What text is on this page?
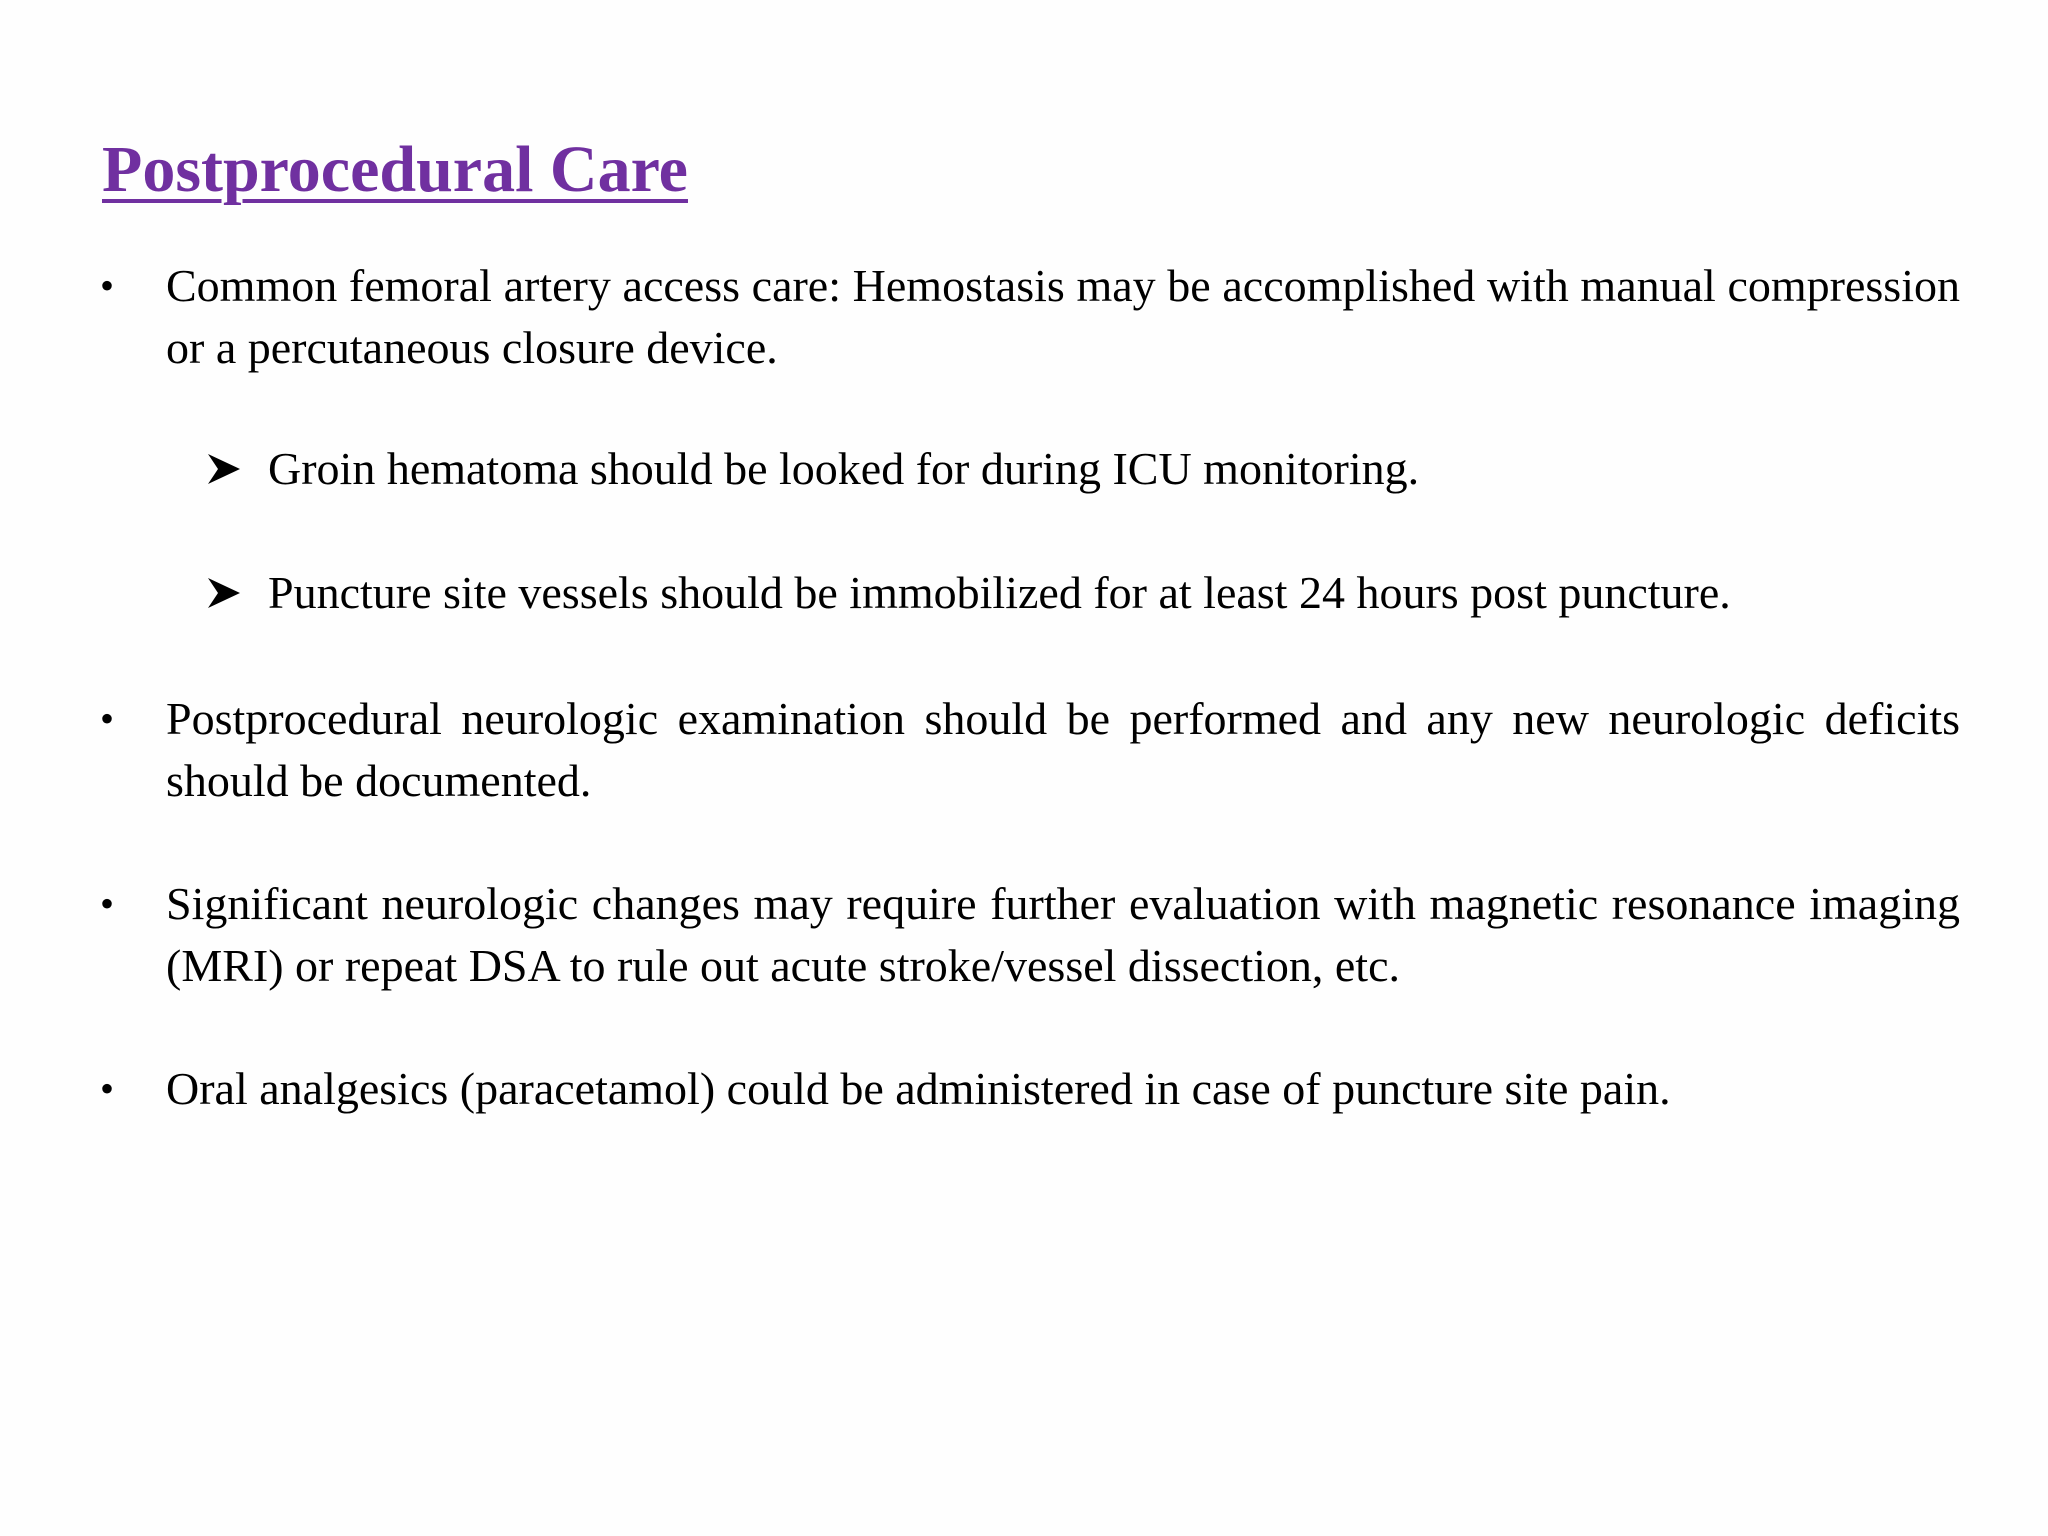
Postprocedural Care
•	Common femoral artery access care: Hemostasis may be accomplished with manual compression or a percutaneous closure device.
Groin hematoma should be looked for during ICU monitoring.
Puncture site vessels should be immobilized for at least 24 hours post puncture.
•	Postprocedural neurologic examination should be performed and any new neurologic deficits should be documented.
•	Significant neurologic changes may require further evaluation with magnetic resonance imaging (MRI) or repeat DSA to rule out acute stroke/vessel dissection, etc.
•	Oral analgesics (paracetamol) could be administered in case of puncture site pain.
